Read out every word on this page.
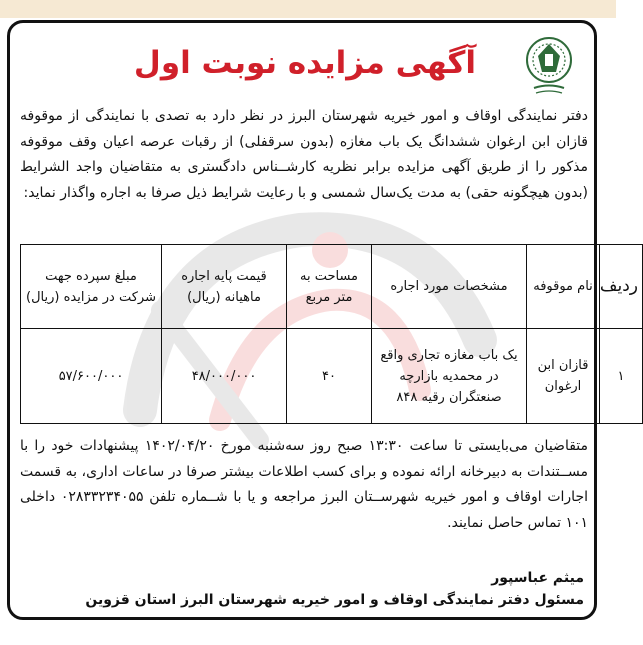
آگهی مزایده نوبت اول

دفتر نمایندگی اوقاف و امور خیریه شهرستان البرز در نظر دارد به تصدی با نمایندگی از موقوفه قازان ابن ارغوان ششدانگ یک باب مغازه (بدون سرقفلی) از رقبات عرصه اعیان وقف موقوفه مذکور را از طریق آگهی مزایده برابر نظریه کارشــناس دادگستری به متقاضیان واجد الشرایط (بدون هیچگونه حقی) به مدت یک‌سال شمسی و با رعایت شرایط ذیل صرفا به اجاره واگذار نماید:

ردیف	نام موقوفه	مشخصات مورد اجاره	مساحت به متر مربع	قیمت پایه اجاره ماهیانه (ریال)	مبلغ سپرده جهت شرکت در مزایده (ریال)
۱	قازان ابن ارغوان	یک باب مغازه تجاری واقع در محمدیه بازارچه صنعتگران رقیه ۸۴۸	۴۰	۴۸/۰۰۰/۰۰۰	۵۷/۶۰۰/۰۰۰

متقاضیان می‌بایستی تا ساعت ۱۳:۳۰ صبح روز سه‌شنبه مورخ ۱۴۰۲/۰۴/۲۰ پیشنهادات خود را با مســتندات به دبیرخانه ارائه نموده و برای کسب اطلاعات بیشتر صرفا در ساعات اداری، به قسمت اجارات اوقاف و امور خیریه شهرســتان البرز مراجعه و یا با شــماره تلفن ۰۲۸۳۳۲۳۴۰۵۵ داخلی ۱۰۱ تماس حاصل نمایند.

میثم عباسپور

مسئول دفتر نمایندگی اوقاف و امور خیریه شهرستان البرز استان قزوین
